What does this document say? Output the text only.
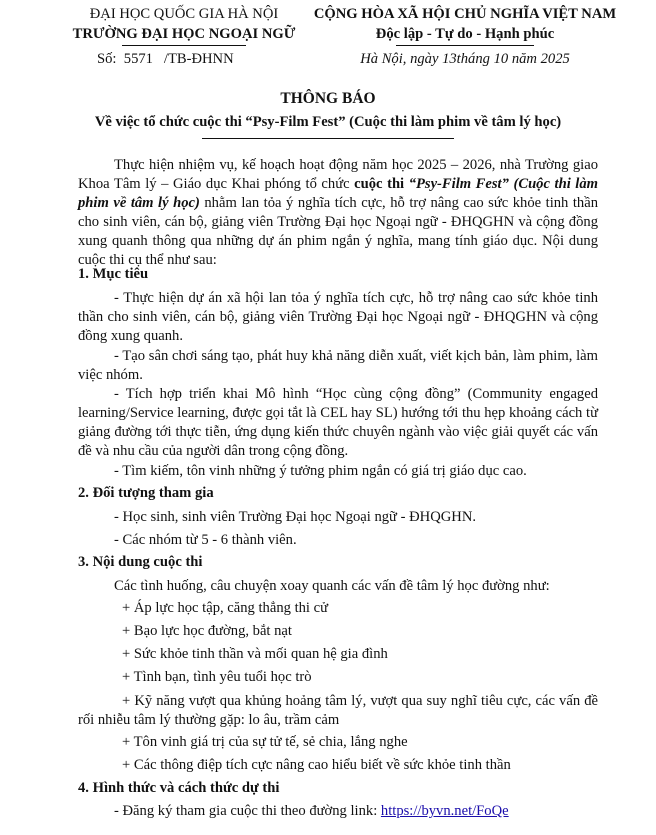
ĐẠI HỌC QUỐC GIA HÀ NỘI
TRƯỜNG ĐẠI HỌC NGOẠI NGỮ
Số: 5571 /TB-ĐHNN
CỘNG HÒA XÃ HỘI CHỦ NGHĨA VIỆT NAM
Độc lập - Tự do - Hạnh phúc
Hà Nội, ngày 13tháng 10 năm 2025
THÔNG BÁO
Về việc tổ chức cuộc thi “Psy-Film Fest” (Cuộc thi làm phim về tâm lý học)
Thực hiện nhiệm vụ, kế hoạch hoạt động năm học 2025 – 2026, nhà Trường giao Khoa Tâm lý – Giáo dục Khai phóng tổ chức cuộc thi “Psy-Film Fest” (Cuộc thi làm phim về tâm lý học) nhằm lan tỏa ý nghĩa tích cực, hỗ trợ nâng cao sức khỏe tinh thần cho sinh viên, cán bộ, giảng viên Trường Đại học Ngoại ngữ - ĐHQGHN và cộng đồng xung quanh thông qua những dự án phim ngắn ý nghĩa, mang tính giáo dục. Nội dung cuộc thi cụ thể như sau:
1. Mục tiêu
- Thực hiện dự án xã hội lan tỏa ý nghĩa tích cực, hỗ trợ nâng cao sức khỏe tinh thần cho sinh viên, cán bộ, giảng viên Trường Đại học Ngoại ngữ - ĐHQGHN và cộng đồng xung quanh.
- Tạo sân chơi sáng tạo, phát huy khả năng diễn xuất, viết kịch bản, làm phim, làm việc nhóm.
- Tích hợp triển khai Mô hình “Học cùng cộng đồng” (Community engaged learning/Service learning, được gọi tắt là CEL hay SL) hướng tới thu hẹp khoảng cách từ giảng đường tới thực tiễn, ứng dụng kiến thức chuyên ngành vào việc giải quyết các vấn đề và nhu cầu của người dân trong cộng đồng.
- Tìm kiếm, tôn vinh những ý tưởng phim ngắn có giá trị giáo dục cao.
2. Đối tượng tham gia
- Học sinh, sinh viên Trường Đại học Ngoại ngữ - ĐHQGHN.
- Các nhóm từ 5 - 6 thành viên.
3. Nội dung cuộc thi
Các tình huống, câu chuyện xoay quanh các vấn đề tâm lý học đường như:
+ Áp lực học tập, căng thẳng thi cử
+ Bạo lực học đường, bắt nạt
+ Sức khỏe tinh thần và mối quan hệ gia đình
+ Tình bạn, tình yêu tuổi học trò
+ Kỹ năng vượt qua khủng hoảng tâm lý, vượt qua suy nghĩ tiêu cực, các vấn đề rối nhiễu tâm lý thường gặp: lo âu, trầm cảm
+ Tôn vinh giá trị của sự tử tế, sẻ chia, lắng nghe
+ Các thông điệp tích cực nâng cao hiểu biết về sức khỏe tinh thần
4. Hình thức và cách thức dự thi
- Đăng ký tham gia cuộc thi theo đường link: https://byvn.net/FoQe
